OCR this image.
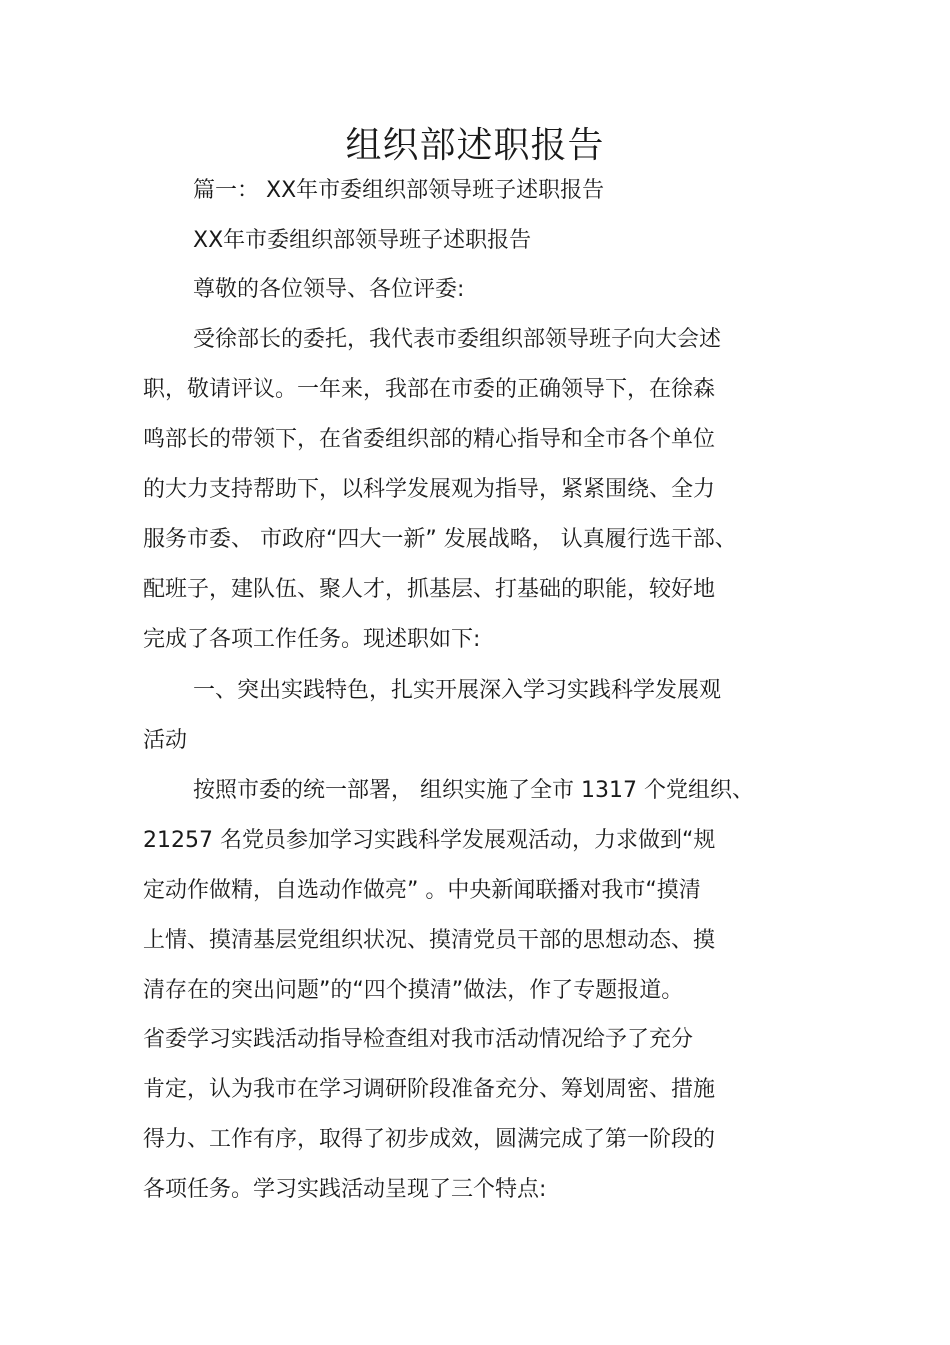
组织部述职报告
篇一： XX年市委组织部领导班子述职报告
XX年市委组织部领导班子述职报告
尊敬的各位领导、各位评委:
受徐部长的委托，我代表市委组织部领导班子向大会述
职，敬请评议。一年来，我部在市委的正确领导下，在徐森
鸣部长的带领下，在省委组织部的精心指导和全市各个单位
的大力支持帮助下，以科学发展观为指导，紧紧围绕、全力
服务市委、 市政府“四大一新” 发展战略， 认真履行选干部、
配班子，建队伍、聚人才，抓基层、打基础的职能，较好地
完成了各项工作任务。现述职如下:
一、突出实践特色，扎实开展深入学习实践科学发展观
活动
按照市委的统一部署， 组织实施了全市 1317 个党组织、
21257 名党员参加学习实践科学发展观活动，力求做到“规
定动作做精，自选动作做亮” 。中央新闻联播对我市“摸清
上情、摸清基层党组织状况、摸清党员干部的思想动态、摸
清存在的突出问题”的“四个摸清”做法，作了专题报道。
省委学习实践活动指导检查组对我市活动情况给予了充分
肯定，认为我市在学习调研阶段准备充分、筹划周密、措施
得力、工作有序，取得了初步成效，圆满完成了第一阶段的
各项任务。学习实践活动呈现了三个特点:
